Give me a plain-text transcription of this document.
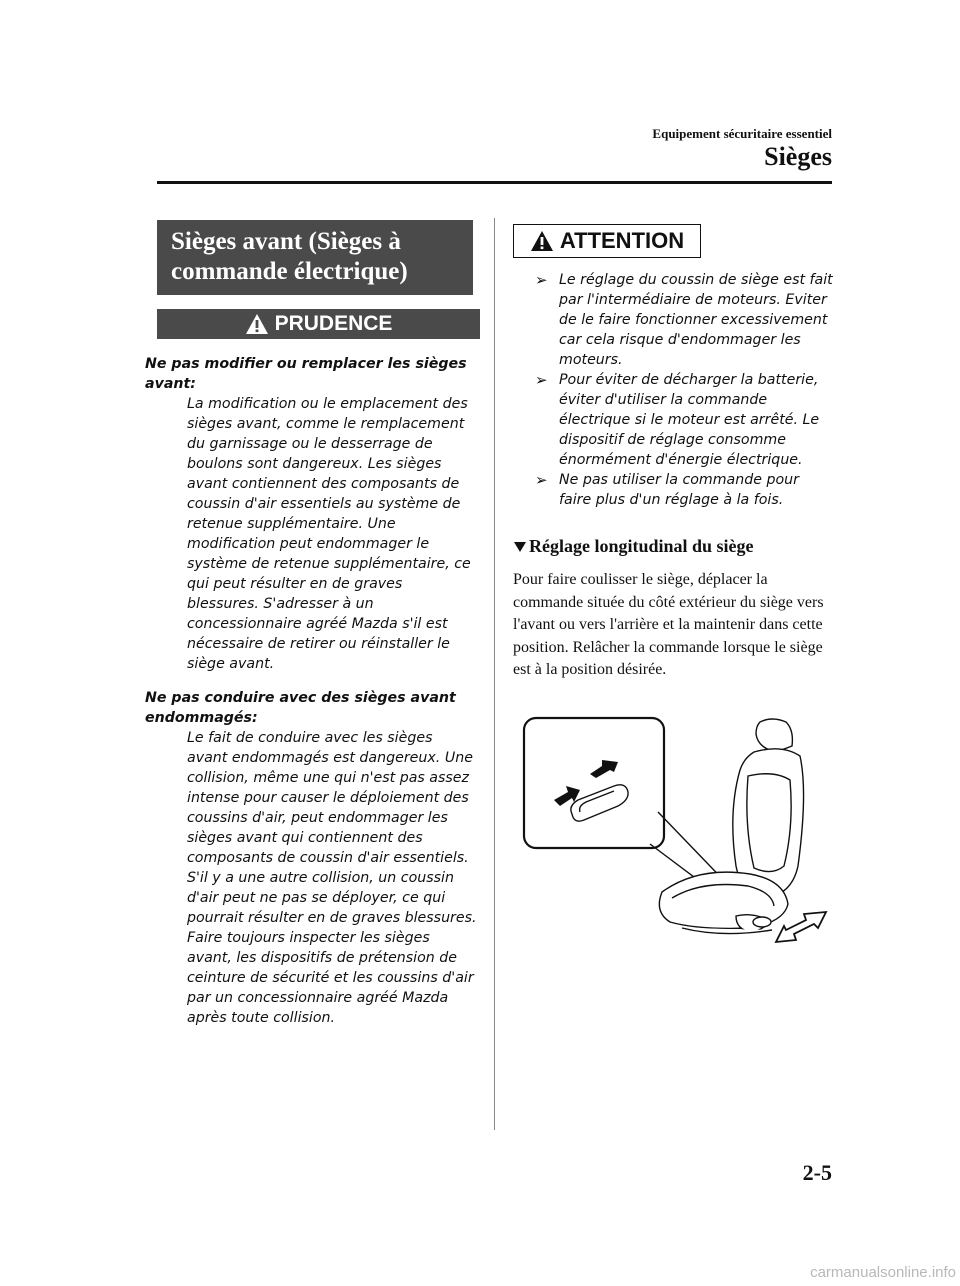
Equipement sécuritaire essentiel
Sièges
Sièges avant (Sièges à commande électrique)
PRUDENCE
Ne pas modifier ou remplacer les sièges avant:
La modification ou le emplacement des sièges avant, comme le remplacement du garnissage ou le desserrage de boulons sont dangereux. Les sièges avant contiennent des composants de coussin d'air essentiels au système de retenue supplémentaire. Une modification peut endommager le système de retenue supplémentaire, ce qui peut résulter en de graves blessures. S'adresser à un concessionnaire agréé Mazda s'il est nécessaire de retirer ou réinstaller le siège avant.
Ne pas conduire avec des sièges avant endommagés:
Le fait de conduire avec les sièges avant endommagés est dangereux. Une collision, même une qui n'est pas assez intense pour causer le déploiement des coussins d'air, peut endommager les sièges avant qui contiennent des composants de coussin d'air essentiels. S'il y a une autre collision, un coussin d'air peut ne pas se déployer, ce qui pourrait résulter en de graves blessures. Faire toujours inspecter les sièges avant, les dispositifs de prétension de ceinture de sécurité et les coussins d'air par un concessionnaire agréé Mazda après toute collision.
ATTENTION
➢ Le réglage du coussin de siège est fait par l'intermédiaire de moteurs. Eviter de le faire fonctionner excessivement car cela risque d'endommager les moteurs.
➢ Pour éviter de décharger la batterie, éviter d'utiliser la commande électrique si le moteur est arrêté. Le dispositif de réglage consomme énormément d'énergie électrique.
➢ Ne pas utiliser la commande pour faire plus d'un réglage à la fois.
Réglage longitudinal du siège
Pour faire coulisser le siège, déplacer la commande située du côté extérieur du siège vers l'avant ou vers l'arrière et la maintenir dans cette position. Relâcher la commande lorsque le siège est à la position désirée.
2-5
carmanualsonline.info
